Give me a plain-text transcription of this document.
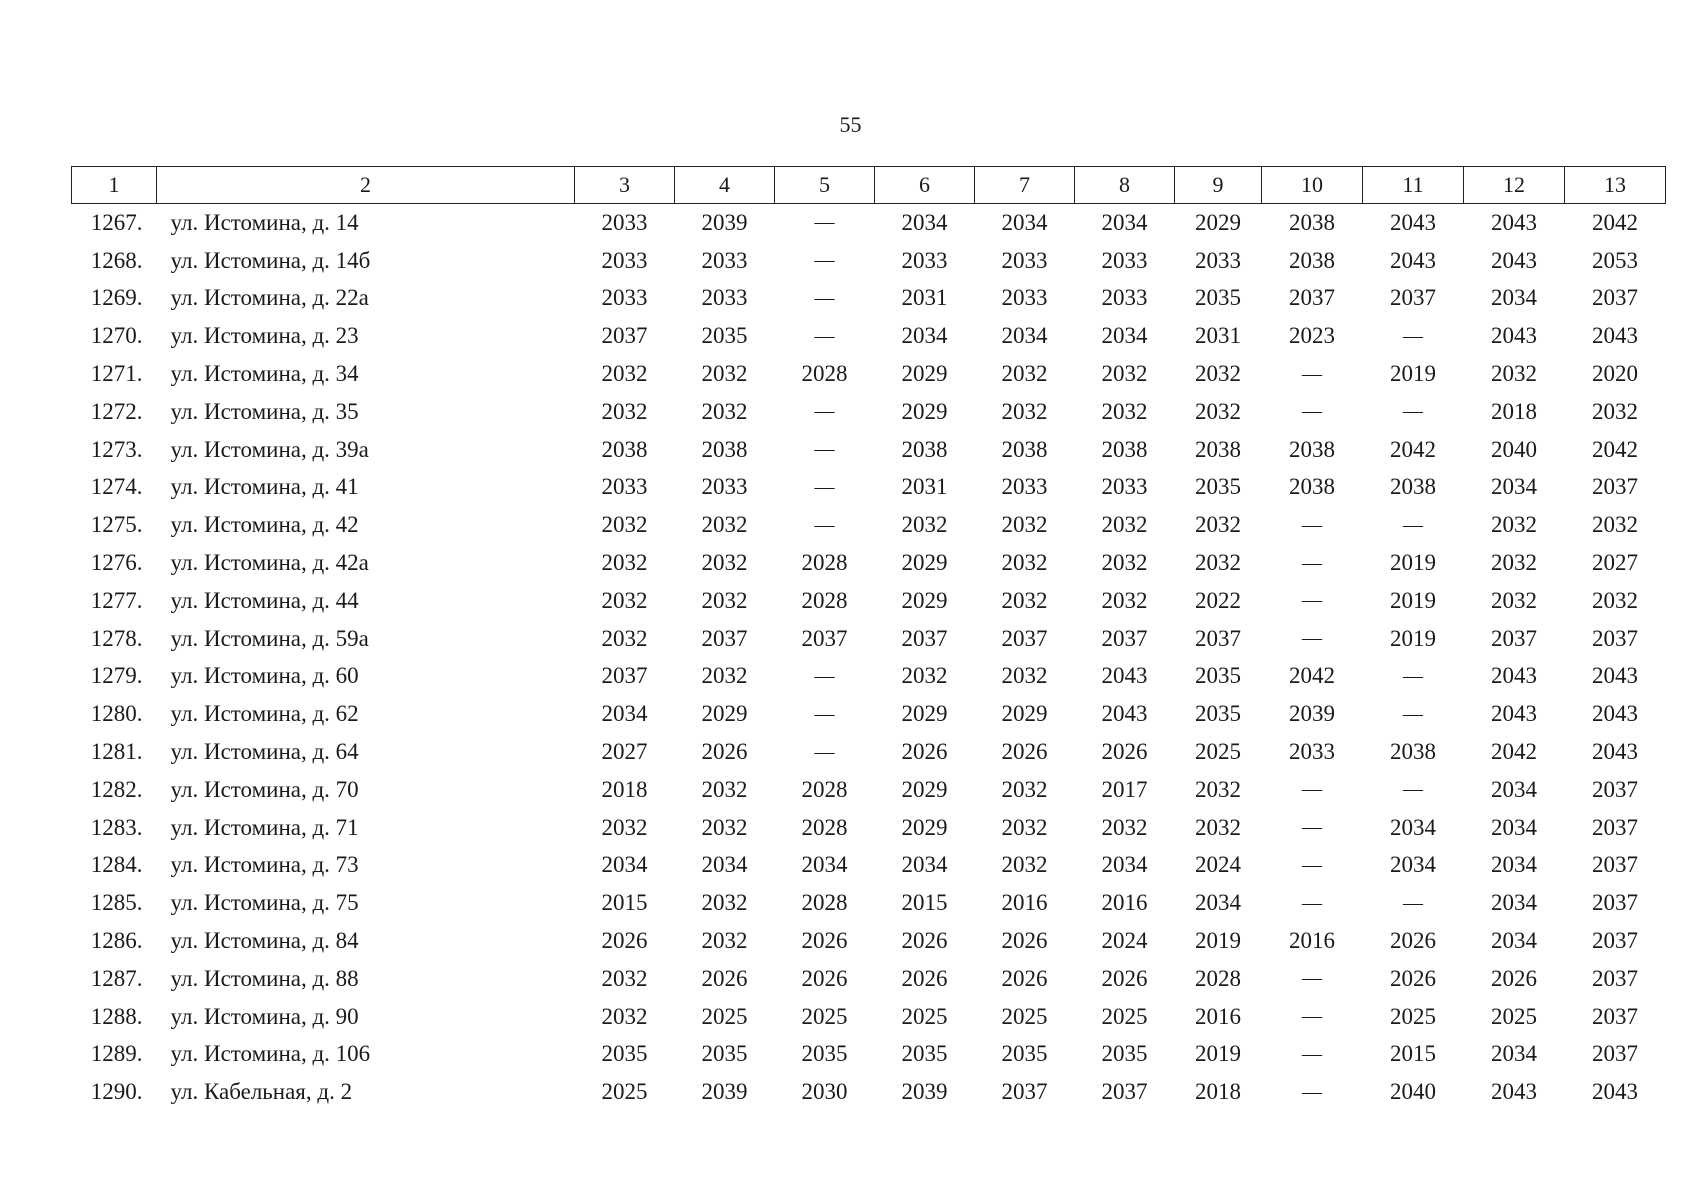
55
1	2	3	4	5	6	7	8	9	10	11	12	13
1267.	ул. Истомина, д. 14	2033	2039	—	2034	2034	2034	2029	2038	2043	2043	2042
1268.	ул. Истомина, д. 14б	2033	2033	—	2033	2033	2033	2033	2038	2043	2043	2053
1269.	ул. Истомина, д. 22а	2033	2033	—	2031	2033	2033	2035	2037	2037	2034	2037
1270.	ул. Истомина, д. 23	2037	2035	—	2034	2034	2034	2031	2023	—	2043	2043
1271.	ул. Истомина, д. 34	2032	2032	2028	2029	2032	2032	2032	—	2019	2032	2020
1272.	ул. Истомина, д. 35	2032	2032	—	2029	2032	2032	2032	—	—	2018	2032
1273.	ул. Истомина, д. 39а	2038	2038	—	2038	2038	2038	2038	2038	2042	2040	2042
1274.	ул. Истомина, д. 41	2033	2033	—	2031	2033	2033	2035	2038	2038	2034	2037
1275.	ул. Истомина, д. 42	2032	2032	—	2032	2032	2032	2032	—	—	2032	2032
1276.	ул. Истомина, д. 42а	2032	2032	2028	2029	2032	2032	2032	—	2019	2032	2027
1277.	ул. Истомина, д. 44	2032	2032	2028	2029	2032	2032	2022	—	2019	2032	2032
1278.	ул. Истомина, д. 59а	2032	2037	2037	2037	2037	2037	2037	—	2019	2037	2037
1279.	ул. Истомина, д. 60	2037	2032	—	2032	2032	2043	2035	2042	—	2043	2043
1280.	ул. Истомина, д. 62	2034	2029	—	2029	2029	2043	2035	2039	—	2043	2043
1281.	ул. Истомина, д. 64	2027	2026	—	2026	2026	2026	2025	2033	2038	2042	2043
1282.	ул. Истомина, д. 70	2018	2032	2028	2029	2032	2017	2032	—	—	2034	2037
1283.	ул. Истомина, д. 71	2032	2032	2028	2029	2032	2032	2032	—	2034	2034	2037
1284.	ул. Истомина, д. 73	2034	2034	2034	2034	2032	2034	2024	—	2034	2034	2037
1285.	ул. Истомина, д. 75	2015	2032	2028	2015	2016	2016	2034	—	—	2034	2037
1286.	ул. Истомина, д. 84	2026	2032	2026	2026	2026	2024	2019	2016	2026	2034	2037
1287.	ул. Истомина, д. 88	2032	2026	2026	2026	2026	2026	2028	—	2026	2026	2037
1288.	ул. Истомина, д. 90	2032	2025	2025	2025	2025	2025	2016	—	2025	2025	2037
1289.	ул. Истомина, д. 106	2035	2035	2035	2035	2035	2035	2019	—	2015	2034	2037
1290.	ул. Кабельная, д. 2	2025	2039	2030	2039	2037	2037	2018	—	2040	2043	2043
